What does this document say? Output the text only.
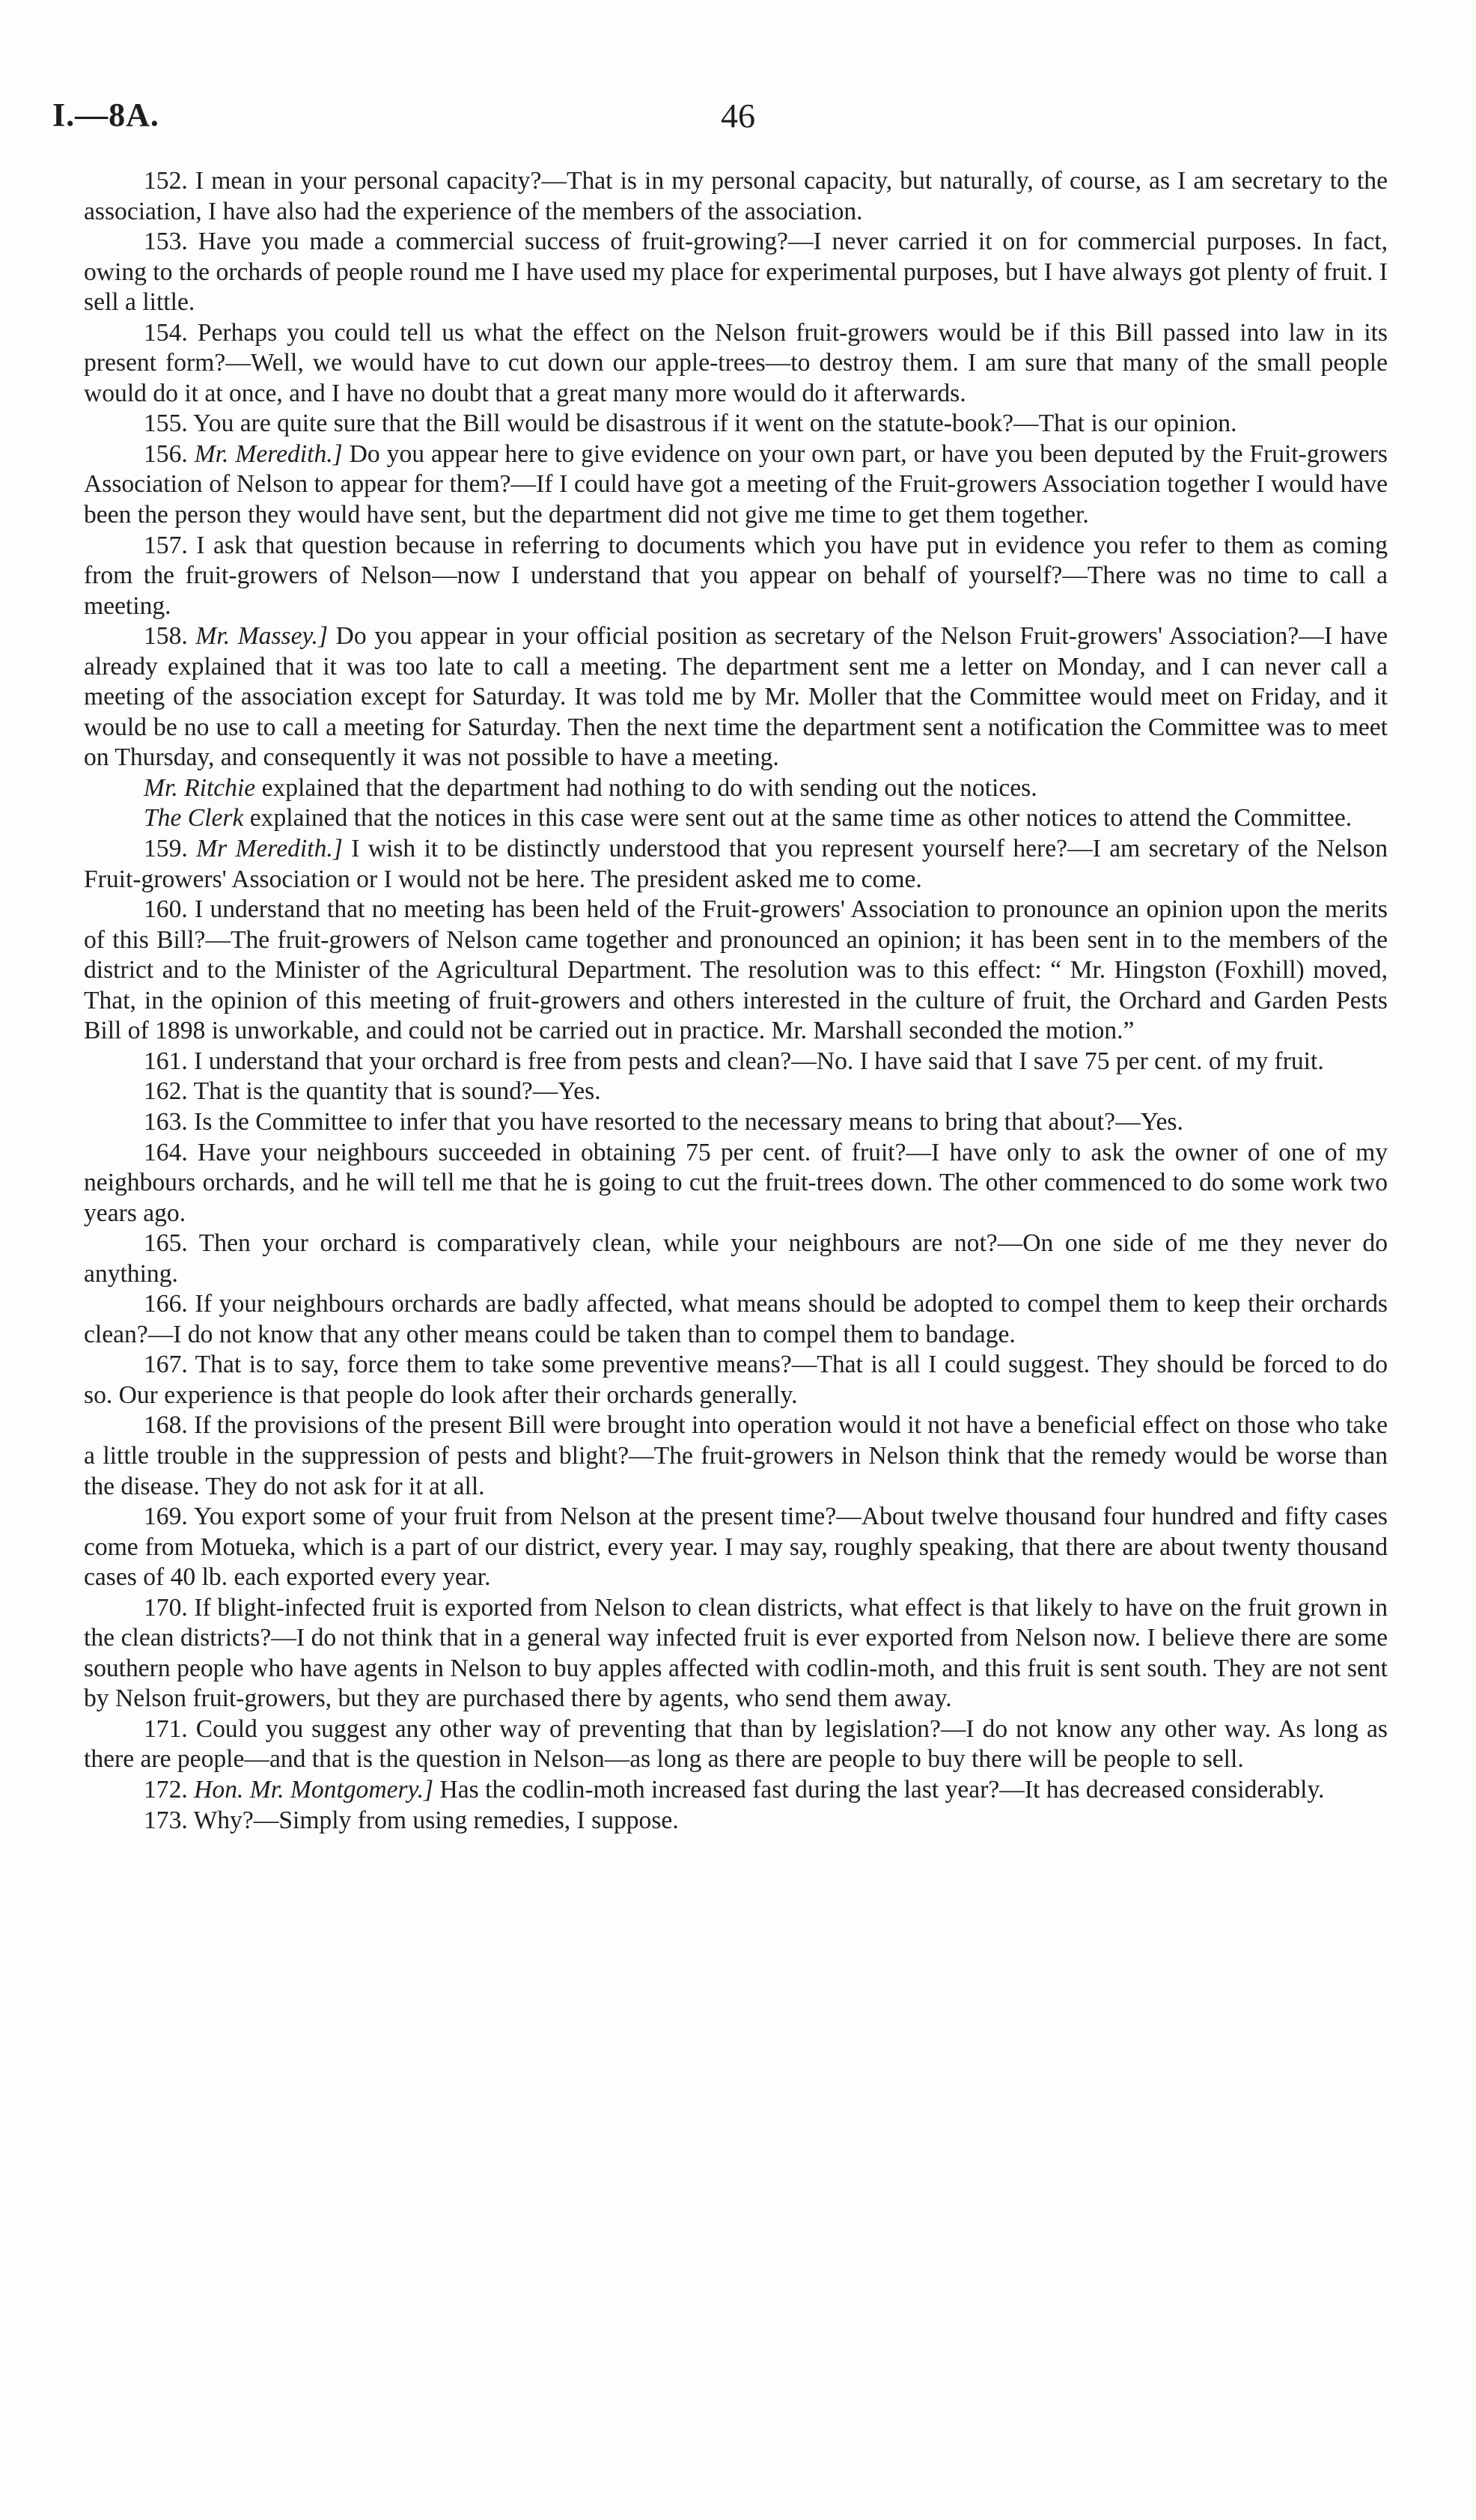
I.—8A.	46

152. I mean in your personal capacity?—That is in my personal capacity, but naturally, of course, as I am secretary to the association, I have also had the experience of the members of the association.

153. Have you made a commercial success of fruit-growing?—I never carried it on for commercial purposes. In fact, owing to the orchards of people round me I have used my place for experimental purposes, but I have always got plenty of fruit. I sell a little.

154. Perhaps you could tell us what the effect on the Nelson fruit-growers would be if this Bill passed into law in its present form?—Well, we would have to cut down our apple-trees—to destroy them. I am sure that many of the small people would do it at once, and I have no doubt that a great many more would do it afterwards.

155. You are quite sure that the Bill would be disastrous if it went on the statute-book?—That is our opinion.

156. Mr. Meredith.] Do you appear here to give evidence on your own part, or have you been deputed by the Fruit-growers Association of Nelson to appear for them?—If I could have got a meeting of the Fruit-growers Association together I would have been the person they would have sent, but the department did not give me time to get them together.

157. I ask that question because in referring to documents which you have put in evidence you refer to them as coming from the fruit-growers of Nelson—now I understand that you appear on behalf of yourself?—There was no time to call a meeting.

158. Mr. Massey.] Do you appear in your official position as secretary of the Nelson Fruit-growers' Association?—I have already explained that it was too late to call a meeting. The department sent me a letter on Monday, and I can never call a meeting of the association except for Saturday. It was told me by Mr. Moller that the Committee would meet on Friday, and it would be no use to call a meeting for Saturday. Then the next time the department sent a notification the Committee was to meet on Thursday, and consequently it was not possible to have a meeting.

Mr. Ritchie explained that the department had nothing to do with sending out the notices.

The Clerk explained that the notices in this case were sent out at the same time as other notices to attend the Committee.

159. Mr Meredith.] I wish it to be distinctly understood that you represent yourself here?—I am secretary of the Nelson Fruit-growers' Association or I would not be here. The president asked me to come.

160. I understand that no meeting has been held of the Fruit-growers' Association to pronounce an opinion upon the merits of this Bill?—The fruit-growers of Nelson came together and pronounced an opinion; it has been sent in to the members of the district and to the Minister of the Agricultural Department. The resolution was to this effect: “ Mr. Hingston (Foxhill) moved, That, in the opinion of this meeting of fruit-growers and others interested in the culture of fruit, the Orchard and Garden Pests Bill of 1898 is unworkable, and could not be carried out in practice. Mr. Marshall seconded the motion.”

161. I understand that your orchard is free from pests and clean?—No. I have said that I save 75 per cent. of my fruit.

162. That is the quantity that is sound?—Yes.

163. Is the Committee to infer that you have resorted to the necessary means to bring that about?—Yes.

164. Have your neighbours succeeded in obtaining 75 per cent. of fruit?—I have only to ask the owner of one of my neighbours orchards, and he will tell me that he is going to cut the fruit-trees down. The other commenced to do some work two years ago.

165. Then your orchard is comparatively clean, while your neighbours are not?—On one side of me they never do anything.

166. If your neighbours orchards are badly affected, what means should be adopted to compel them to keep their orchards clean?—I do not know that any other means could be taken than to compel them to bandage.

167. That is to say, force them to take some preventive means?—That is all I could suggest. They should be forced to do so. Our experience is that people do look after their orchards generally.

168. If the provisions of the present Bill were brought into operation would it not have a beneficial effect on those who take a little trouble in the suppression of pests and blight?—The fruit-growers in Nelson think that the remedy would be worse than the disease. They do not ask for it at all.

169. You export some of your fruit from Nelson at the present time?—About twelve thousand four hundred and fifty cases come from Motueka, which is a part of our district, every year. I may say, roughly speaking, that there are about twenty thousand cases of 40 lb. each exported every year.

170. If blight-infected fruit is exported from Nelson to clean districts, what effect is that likely to have on the fruit grown in the clean districts?—I do not think that in a general way infected fruit is ever exported from Nelson now. I believe there are some southern people who have agents in Nelson to buy apples affected with codlin-moth, and this fruit is sent south. They are not sent by Nelson fruit-growers, but they are purchased there by agents, who send them away.

171. Could you suggest any other way of preventing that than by legislation?—I do not know any other way. As long as there are people—and that is the question in Nelson—as long as there are people to buy there will be people to sell.

172. Hon. Mr. Montgomery.] Has the codlin-moth increased fast during the last year?—It has decreased considerably.

173. Why?—Simply from using remedies, I suppose.
